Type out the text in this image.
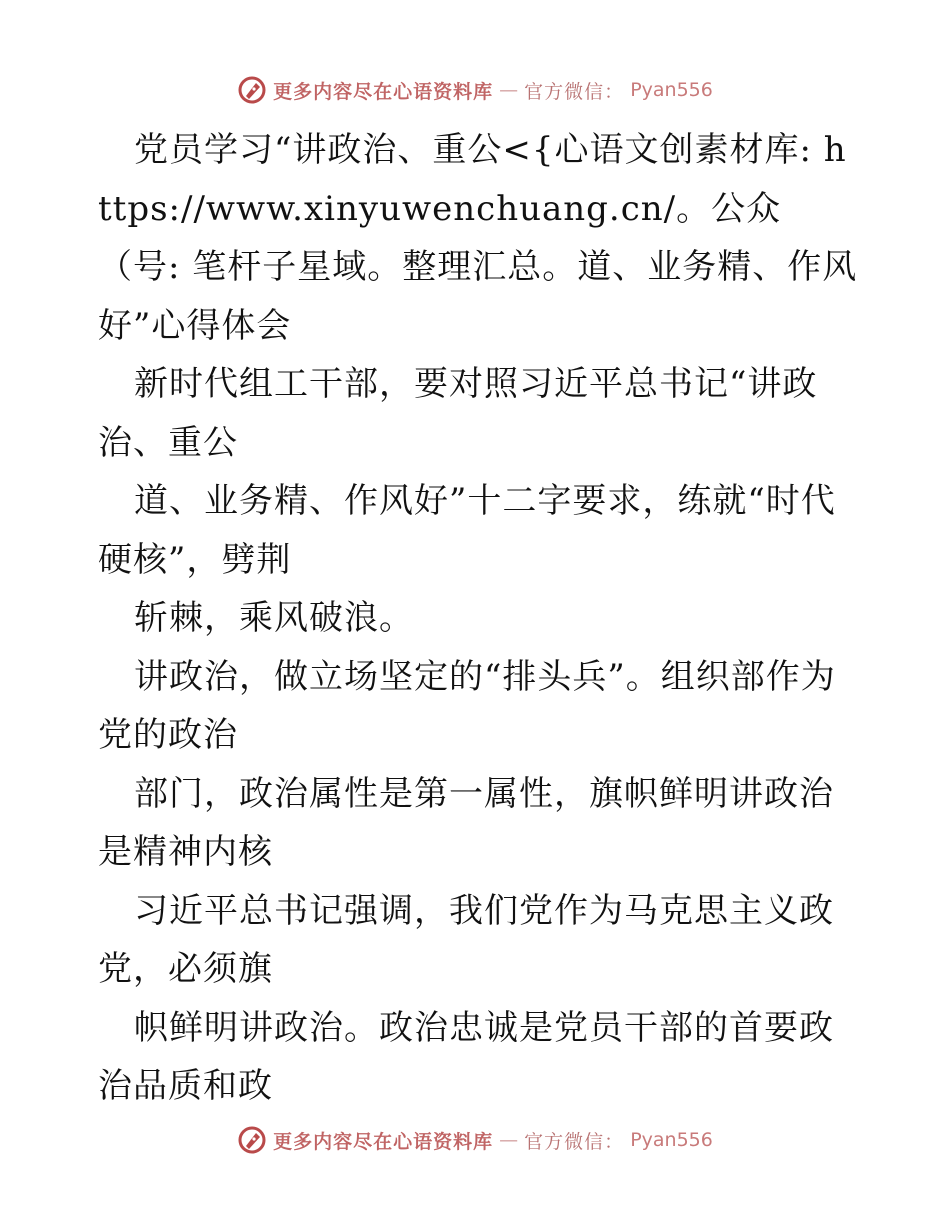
更多内容尽在心语资料库 — 官方微信： Pyan556

党员学习“讲政治、重公<{心语文创素材库: https://www.xinyuwenchuang.cn/。公众（号: 笔杆子星域。整理汇总。道、业务精、作风好”心得体会

新时代组工干部，要对照习近平总书记“讲政治、重公

道、业务精、作风好”十二字要求，练就“时代硬核”，劈荆

斩棘，乘风破浪。

讲政治，做立场坚定的“排头兵”。组织部作为党的政治

部门，政治属性是第一属性，旗帜鲜明讲政治是精神内核

习近平总书记强调，我们党作为马克思主义政党，必须旗

帜鲜明讲政治。政治忠诚是党员干部的首要政治品质和政

更多内容尽在心语资料库 — 官方微信： Pyan556
